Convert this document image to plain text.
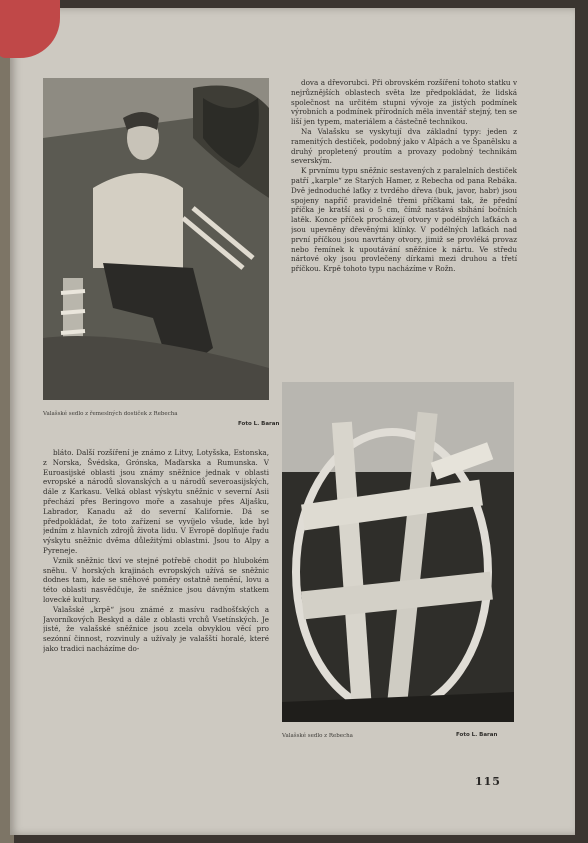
Valašské sedlo z řemeslných dostiček z Rebecha
Foto L. Baran

dova a dřevorubci. Při obrovském rozšíření tohoto statku v nejrůznějších oblastech světa lze předpokládat, že lidská společnost na určitém stupni vývoje za jistých podmínek výrobních a podmínek přírodních měla inventář stejný, ten se liší jen typem, materiálem a částečně technikou.

Na Valašsku se vyskytují dva základní typy: jeden z ramenitých destiček, podobný jako v Alpách a ve Španělsku a druhý propletený proutím a provazy podobný technikám severským.

K prvnímu typu sněžnic sestavených z paralelních destiček patří „karple“ ze Starých Hamer, z Rebecha od pana Rebáka. Dvě jednoduché laťky z tvrdého dřeva (buk, javor, habr) jsou spojeny napříč pravidelně třemi příčkami tak, že přední příčka je kratší asi o 5 cm, čímž nastává sbíhání bočních latěk. Konce příček procházejí otvory v podélných laťkách a jsou upevněny dřevěnými klínky. V podélných laťkách nad první příčkou jsou navrtány otvory, jimiž se provléká provaz nebo řemínek k upoutávání sněžnice k nártu. Ve středu nártové oky jsou provlečeny dírkami mezi druhou a třetí příčkou. Krpě tohoto typu nacházíme v Rožn.

bláto. Další rozšíření je známo z Litvy, Lotyšska, Estonska, z Norska, Švédska, Grónska, Maďarska a Rumunska. V Euroasijské oblasti jsou známy sněžnice jednak v oblasti evropské a národů slovanských a u národů severoasijských, dále z Karkasu. Velká oblast výskytu sněžnic v severní Asii přechází přes Beringovo moře a zasahuje přes Aljašku, Labrador, Kanadu až do severní Kalifornie. Dá se předpokládat, že toto zařízení se vyvíjelo všude, kde byl jedním z hlavních zdrojů života lidu. V Evropě doplňuje řadu výskytu sněžnic dvěma důležitými oblastmi. Jsou to Alpy a Pyreneje.

Vznik sněžnic tkví ve stejné potřebě chodit po hlubokém sněhu. V horských krajinách evropských užívá se sněžnic dodnes tam, kde se sněhové poměry ostatně nemění, lovu a této oblasti nasvědčuje, že sněžnice jsou dávným statkem lovecké kultury.

Valašské „krpě“ jsou známé z masívu radhošťských a Javorníkových Beskyd a dále z oblasti vrchů Vsetínských. Je jisté, že valašské sněžnice jsou zcela obvyklou věcí pro sezónní činnost, rozvinuly a užívaly je valašští horalé, které jako tradici nacházíme do-

Valašské sedlo z Rebecha	Foto L. Baran
115
